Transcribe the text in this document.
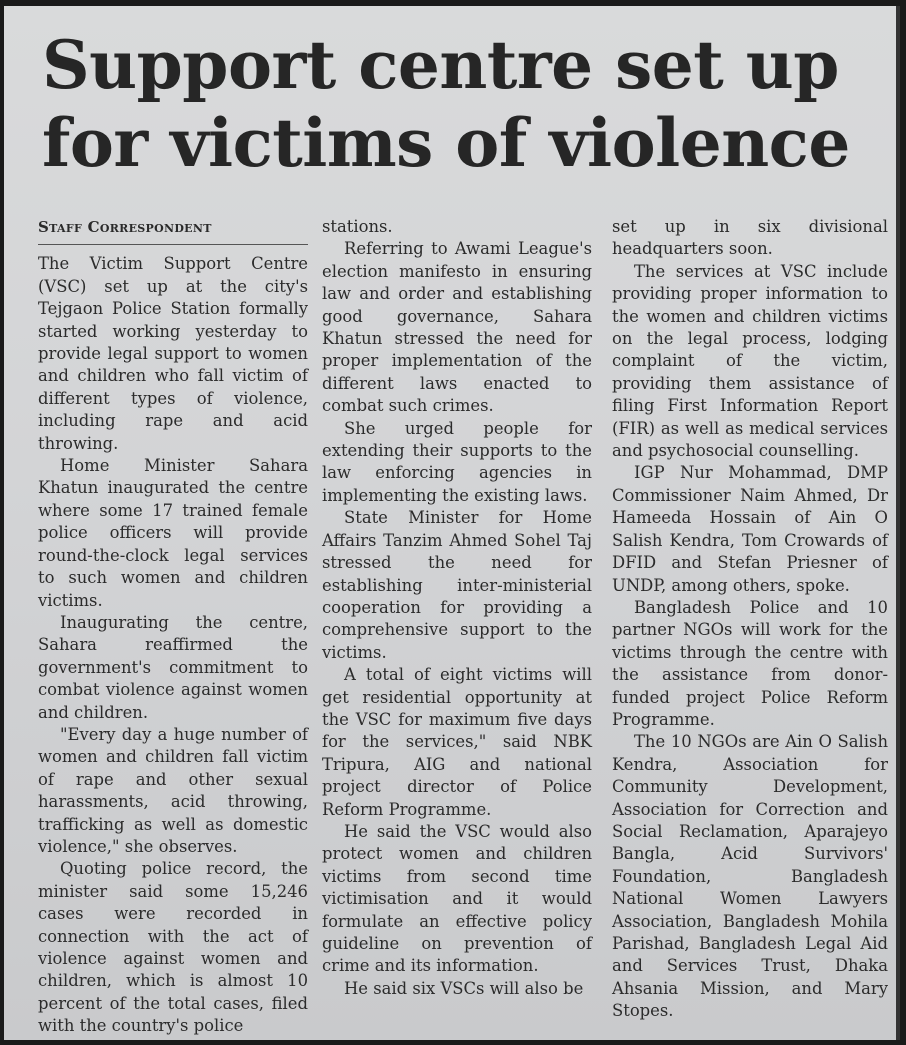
Support centre set up for victims of violence
Staff Correspondent

The Victim Support Centre (VSC) set up at the city's Tejgaon Police Station formally started working yesterday to provide legal support to women and children who fall victim of different types of violence, including rape and acid throwing.

Home Minister Sahara Khatun inaugurated the centre where some 17 trained female police officers will provide round-the-clock legal services to such women and children victims.

Inaugurating the centre, Sahara reaffirmed the government's commitment to combat violence against women and children.

"Every day a huge number of women and children fall victim of rape and other sexual harassments, acid throwing, trafficking as well as domestic violence," she observes.

Quoting police record, the minister said some 15,246 cases were recorded in connection with the act of violence against women and children, which is almost 10 percent of the total cases, filed with the country's police

stations.

Referring to Awami League's election manifesto in ensuring law and order and establishing good governance, Sahara Khatun stressed the need for proper implementation of the different laws enacted to combat such crimes.

She urged people for extending their supports to the law enforcing agencies in implementing the existing laws.

State Minister for Home Affairs Tanzim Ahmed Sohel Taj stressed the need for establishing inter-ministerial cooperation for providing a comprehensive support to the victims.

A total of eight victims will get residential opportunity at the VSC for maximum five days for the services," said NBK Tripura, AIG and national project director of Police Reform Programme.

He said the VSC would also protect women and children victims from second time victimisation and it would formulate an effective policy guideline on prevention of crime and its information.

He said six VSCs will also be

set up in six divisional headquarters soon.

The services at VSC include providing proper information to the women and children victims on the legal process, lodging complaint of the victim, providing them assistance of filing First Information Report (FIR) as well as medical services and psychosocial counselling.

IGP Nur Mohammad, DMP Commissioner Naim Ahmed, Dr Hameeda Hossain of Ain O Salish Kendra, Tom Crowards of DFID and Stefan Priesner of UNDP, among others, spoke.

Bangladesh Police and 10 partner NGOs will work for the victims through the centre with the assistance from donor-funded project Police Reform Programme.

The 10 NGOs are Ain O Salish Kendra, Association for Community Development, Association for Correction and Social Reclamation, Aparajeyo Bangla, Acid Survivors' Foundation, Bangladesh National Women Lawyers Association, Bangladesh Mohila Parishad, Bangladesh Legal Aid and Services Trust, Dhaka Ahsania Mission, and Mary Stopes.
